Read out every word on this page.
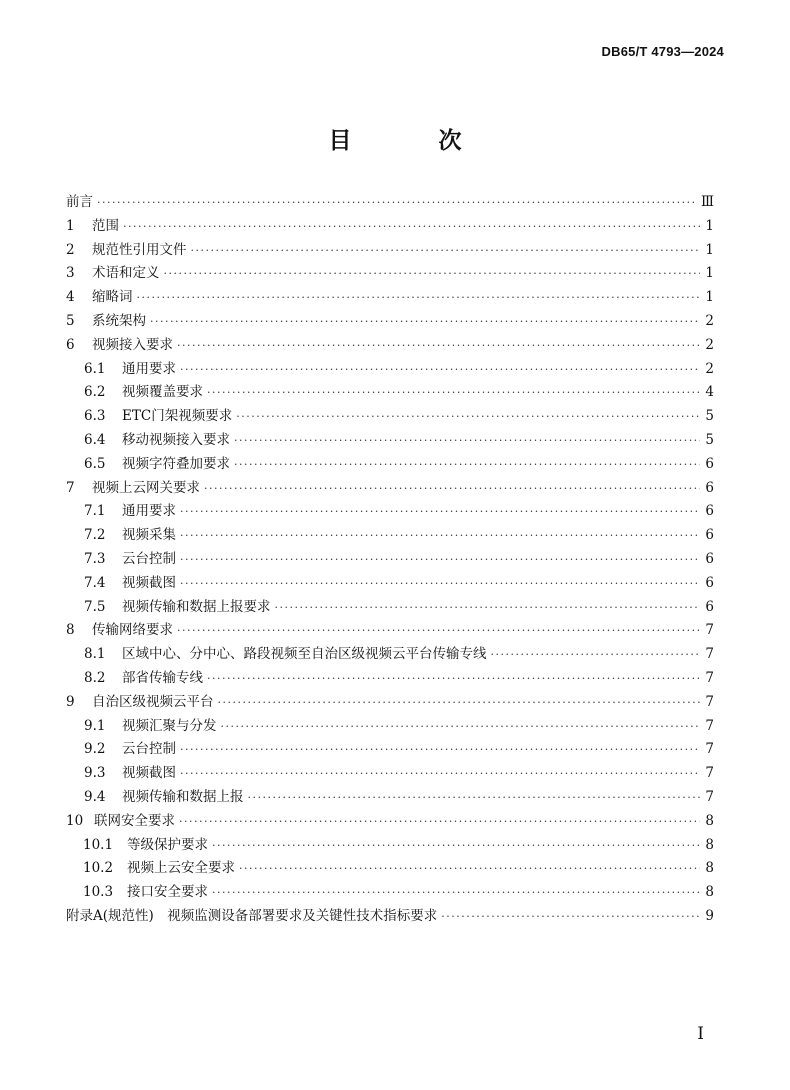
DB65/T 4793—2024
目　次
前言 ·····	Ⅲ
1	范围 ·····	1
2	规范性引用文件 ·····	1
3	术语和定义 ·····	1
4	缩略词 ·····	1
5	系统架构 ·····	2
6	视频接入要求 ·····	2
6.1	通用要求 ·····	2
6.2	视频覆盖要求 ·····	4
6.3	ETC门架视频要求 ·····	5
6.4	移动视频接入要求 ·····	5
6.5	视频字符叠加要求 ·····	6
7	视频上云网关要求 ·····	6
7.1	通用要求 ·····	6
7.2	视频采集 ·····	6
7.3	云台控制 ·····	6
7.4	视频截图 ·····	6
7.5	视频传输和数据上报要求 ·····	6
8	传输网络要求 ·····	7
8.1	区域中心、分中心、路段视频至自治区级视频云平台传输专线 ·····	7
8.2	部省传输专线 ·····	7
9	自治区级视频云平台 ·····	7
9.1	视频汇聚与分发 ·····	7
9.2	云台控制 ·····	7
9.3	视频截图 ·····	7
9.4	视频传输和数据上报 ·····	7
10 联网安全要求 ·····	8
10.1	等级保护要求 ·····	8
10.2	视频上云安全要求 ·····	8
10.3	接口安全要求 ·····	8
附录A(规范性)　视频监测设备部署要求及关键性技术指标要求 ·····	9
I
